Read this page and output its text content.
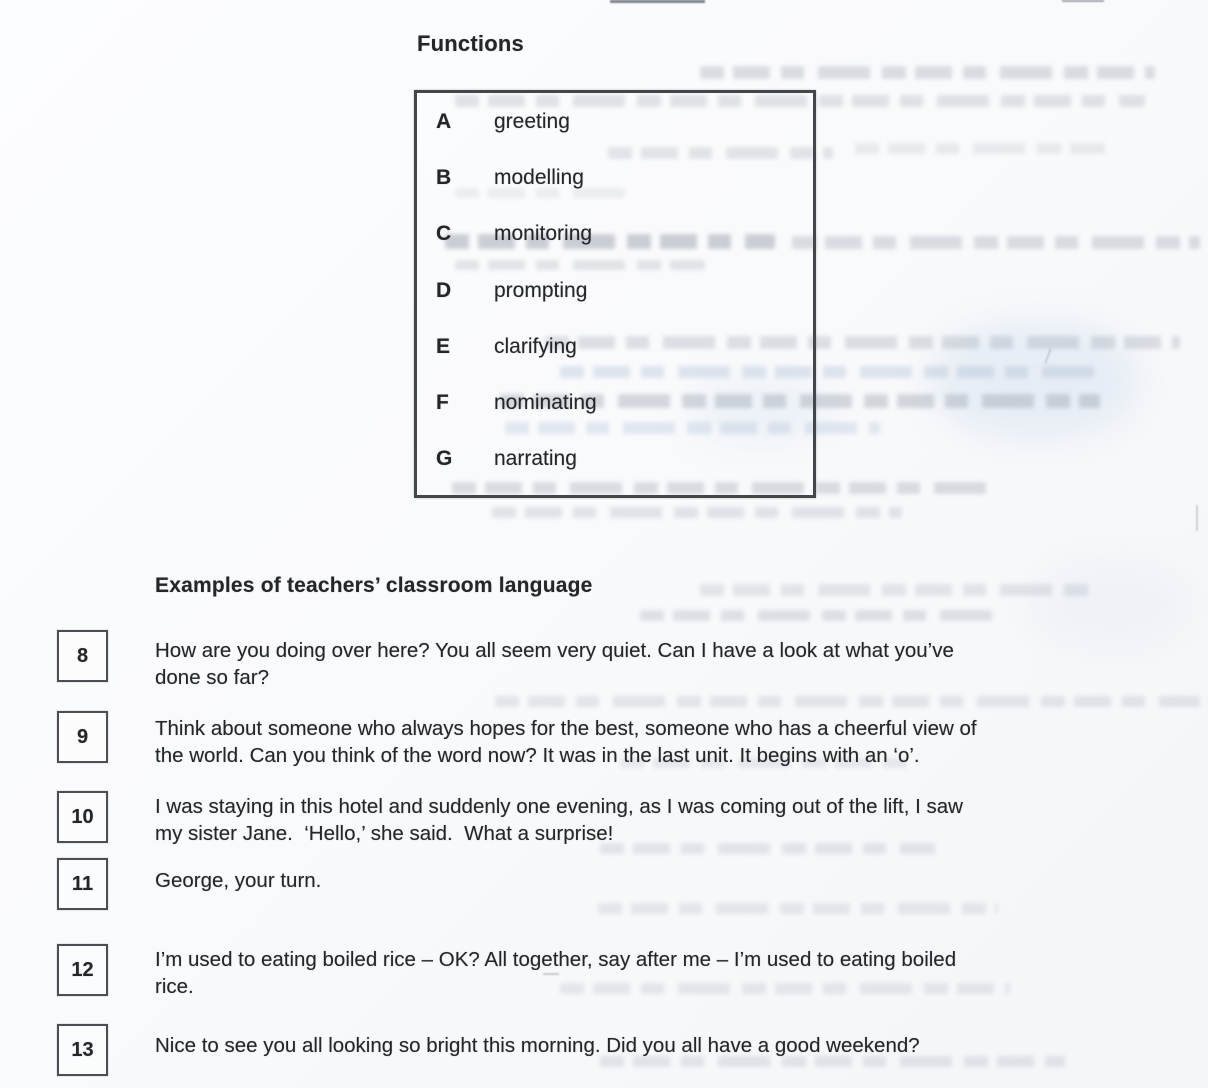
Functions
A greeting
B modelling
C monitoring
D prompting
E clarifying
F nominating
G narrating
Examples of teachers’ classroom language
8	How are you doing over here? You all seem very quiet. Can I have a look at what you’ve
done so far?

9	Think about someone who always hopes for the best, someone who has a cheerful view of
the world. Can you think of the word now? It was in the last unit. It begins with an ‘o’.

10	I was staying in this hotel and suddenly one evening, as I was coming out of the lift, I saw
my sister Jane.  ‘Hello,’ she said.  What a surprise!

11	George, your turn.

12	I’m used to eating boiled rice – OK? All together, say after me – I’m used to eating boiled
rice.

13	Nice to see you all looking so bright this morning. Did you all have a good weekend?
